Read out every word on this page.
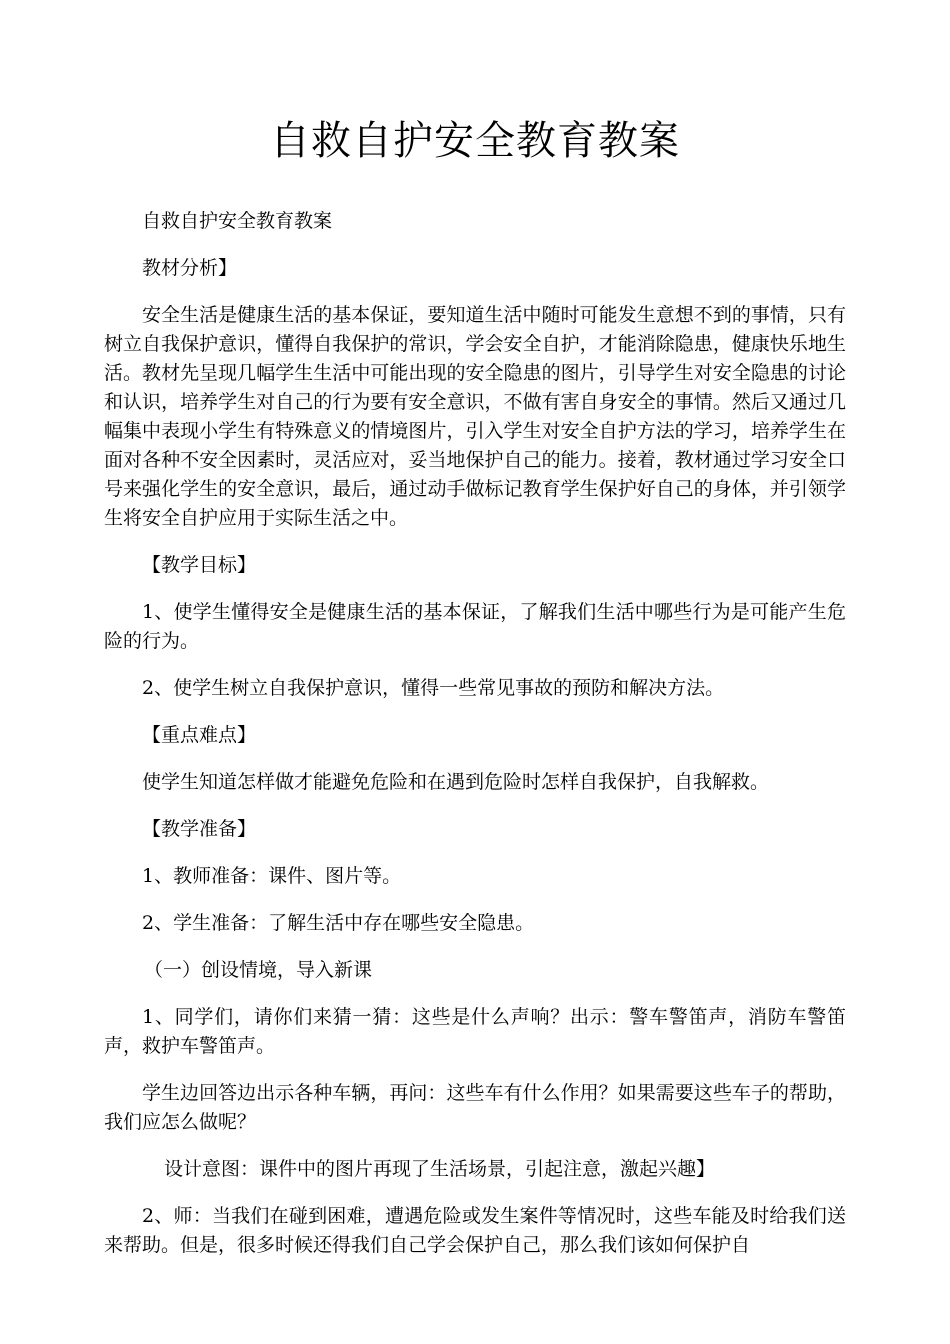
自救自护安全教育教案

自救自护安全教育教案

教材分析】

安全生活是健康生活的基本保证，要知道生活中随时可能发生意想不到的事情，只有树立自我保护意识，懂得自我保护的常识，学会安全自护，才能消除隐患，健康快乐地生活。教材先呈现几幅学生生活中可能出现的安全隐患的图片，引导学生对安全隐患的讨论和认识，培养学生对自己的行为要有安全意识，不做有害自身安全的事情。然后又通过几幅集中表现小学生有特殊意义的情境图片，引入学生对安全自护方法的学习，培养学生在面对各种不安全因素时，灵活应对，妥当地保护自己的能力。接着，教材通过学习安全口号来强化学生的安全意识，最后，通过动手做标记教育学生保护好自己的身体，并引领学生将安全自护应用于实际生活之中。

【教学目标】

1、使学生懂得安全是健康生活的基本保证，了解我们生活中哪些行为是可能产生危险的行为。

2、使学生树立自我保护意识，懂得一些常见事故的预防和解决方法。

【重点难点】

使学生知道怎样做才能避免危险和在遇到危险时怎样自我保护，自我解救。

【教学准备】

1、教师准备：课件、图片等。

2、学生准备：了解生活中存在哪些安全隐患。

（一）创设情境，导入新课

1、同学们，请你们来猜一猜：这些是什么声响？出示：警车警笛声，消防车警笛声，救护车警笛声。

学生边回答边出示各种车辆，再问：这些车有什么作用？如果需要这些车子的帮助，我们应怎么做呢？

设计意图：课件中的图片再现了生活场景，引起注意，激起兴趣】

2、师：当我们在碰到困难，遭遇危险或发生案件等情况时，这些车能及时给我们送来帮助。但是，很多时候还得我们自己学会保护自己，那么我们该如何保护自
